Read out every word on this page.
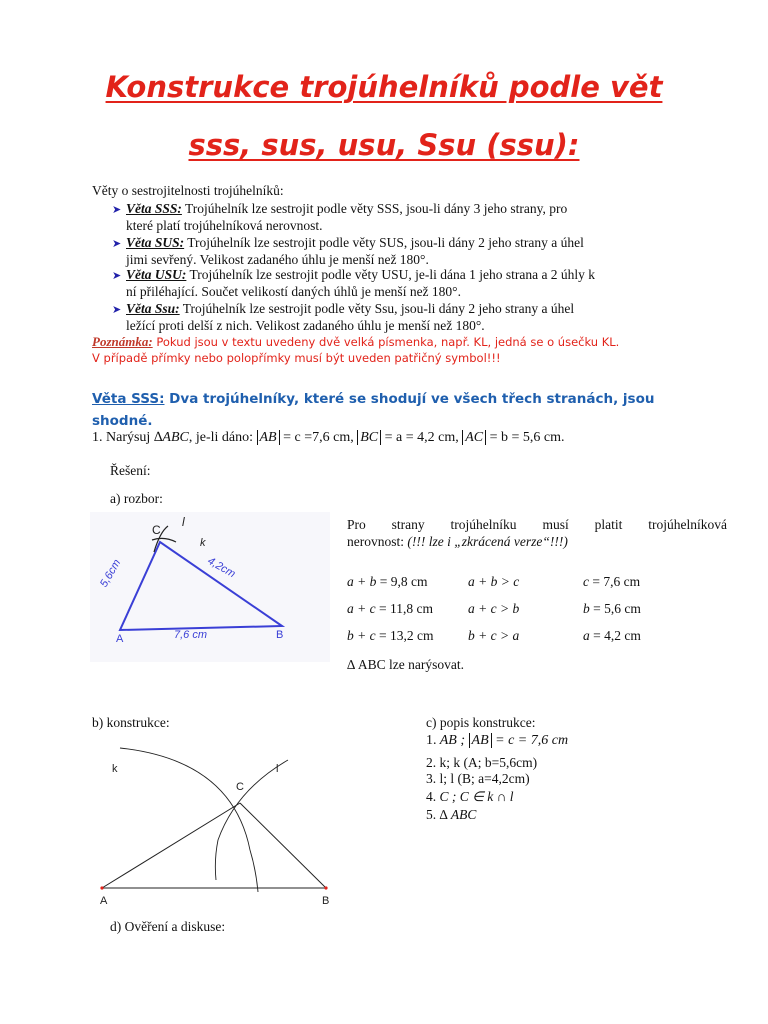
Konstrukce trojúhelníků podle vět
sss, sus, usu, Ssu (ssu):
Věty o sestrojitelnosti trojúhelníků:
➤ Věta SSS: Trojúhelník lze sestrojit podle věty SSS, jsou-li dány 3 jeho strany, pro
které platí trojúhelníková nerovnost.
➤ Věta SUS: Trojúhelník lze sestrojit podle věty SUS, jsou-li dány 2 jeho strany a úhel
jimi sevřený. Velikost zadaného úhlu je menší než 180°.
➤ Věta USU: Trojúhelník lze sestrojit podle věty USU, je-li dána 1 jeho strana a 2 úhly k
ní přiléhající. Součet velikostí daných úhlů je menší než 180°.
➤ Věta Ssu: Trojúhelník lze sestrojit podle věty Ssu, jsou-li dány 2 jeho strany a úhel
ležící proti delší z nich. Velikost zadaného úhlu je menší než 180°.
Poznámka: Pokud jsou v textu uvedeny dvě velká písmenka, např. KL, jedná se o úsečku KL.
V případě přímky nebo polopřímky musí být uveden patřičný symbol!!!
Věta SSS: Dva trojúhelníky, které se shodují ve všech třech stranách, jsou
shodné.
1. Narýsuj ∆ABC, je-li dáno: AB = c =7,6 cm, BC = a = 4,2 cm, AC = b = 5,6 cm.
Řešení:
a) rozbor:
C
l
k
5,6cm	4,2cm
7,6 cm
A	B
Pro strany trojúhelníku musí platit trojúhelníková
nerovnost: (!!! lze i „zkrácená verze“!!!)
a + b = 9,8 cm	a + b > c	c = 7,6 cm
a + c = 11,8 cm	a + c > b	b = 5,6 cm
b + c = 13,2 cm	b + c > a	a = 4,2 cm
∆ ABC lze narýsovat.
b) konstrukce:
k	l
C
A	B
c) popis konstrukce:
1. AB ; AB = c = 7,6 cm
2. k; k (A; b=5,6cm)
3. l; l (B; a=4,2cm)
4. C ; C ∈ k ∩ l
5. ∆ ABC
d) Ověření a diskuse:
